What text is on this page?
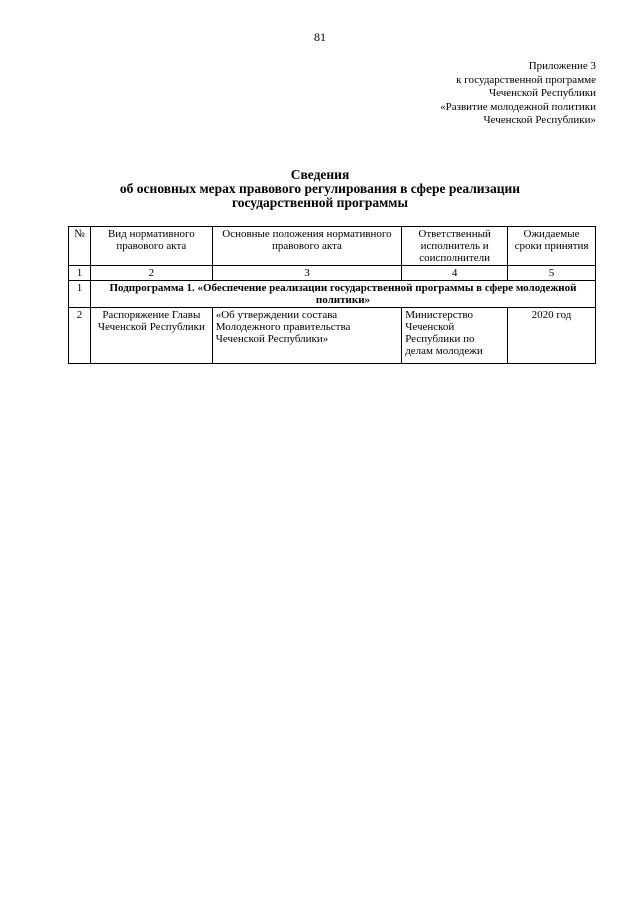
81
Приложение 3
к государственной программе
Чеченской Республики
«Развитие молодежной политики
Чеченской Республики»
Сведения
об основных мерах правового регулирования в сфере реализации
государственной программы
№	Вид нормативного правового акта	Основные положения нормативного правового акта	Ответственный исполнитель и соисполнители	Ожидаемые сроки принятия
1	2	3	4	5
1	Подпрограмма 1. «Обеспечение реализации государственной программы в сфере молодежной политики»			
2	Распоряжение Главы Чеченской Республики	«Об утверждении состава Молодежного правительства Чеченской Республики»	Министерство Чеченской Республики по делам молодежи	2020 год
